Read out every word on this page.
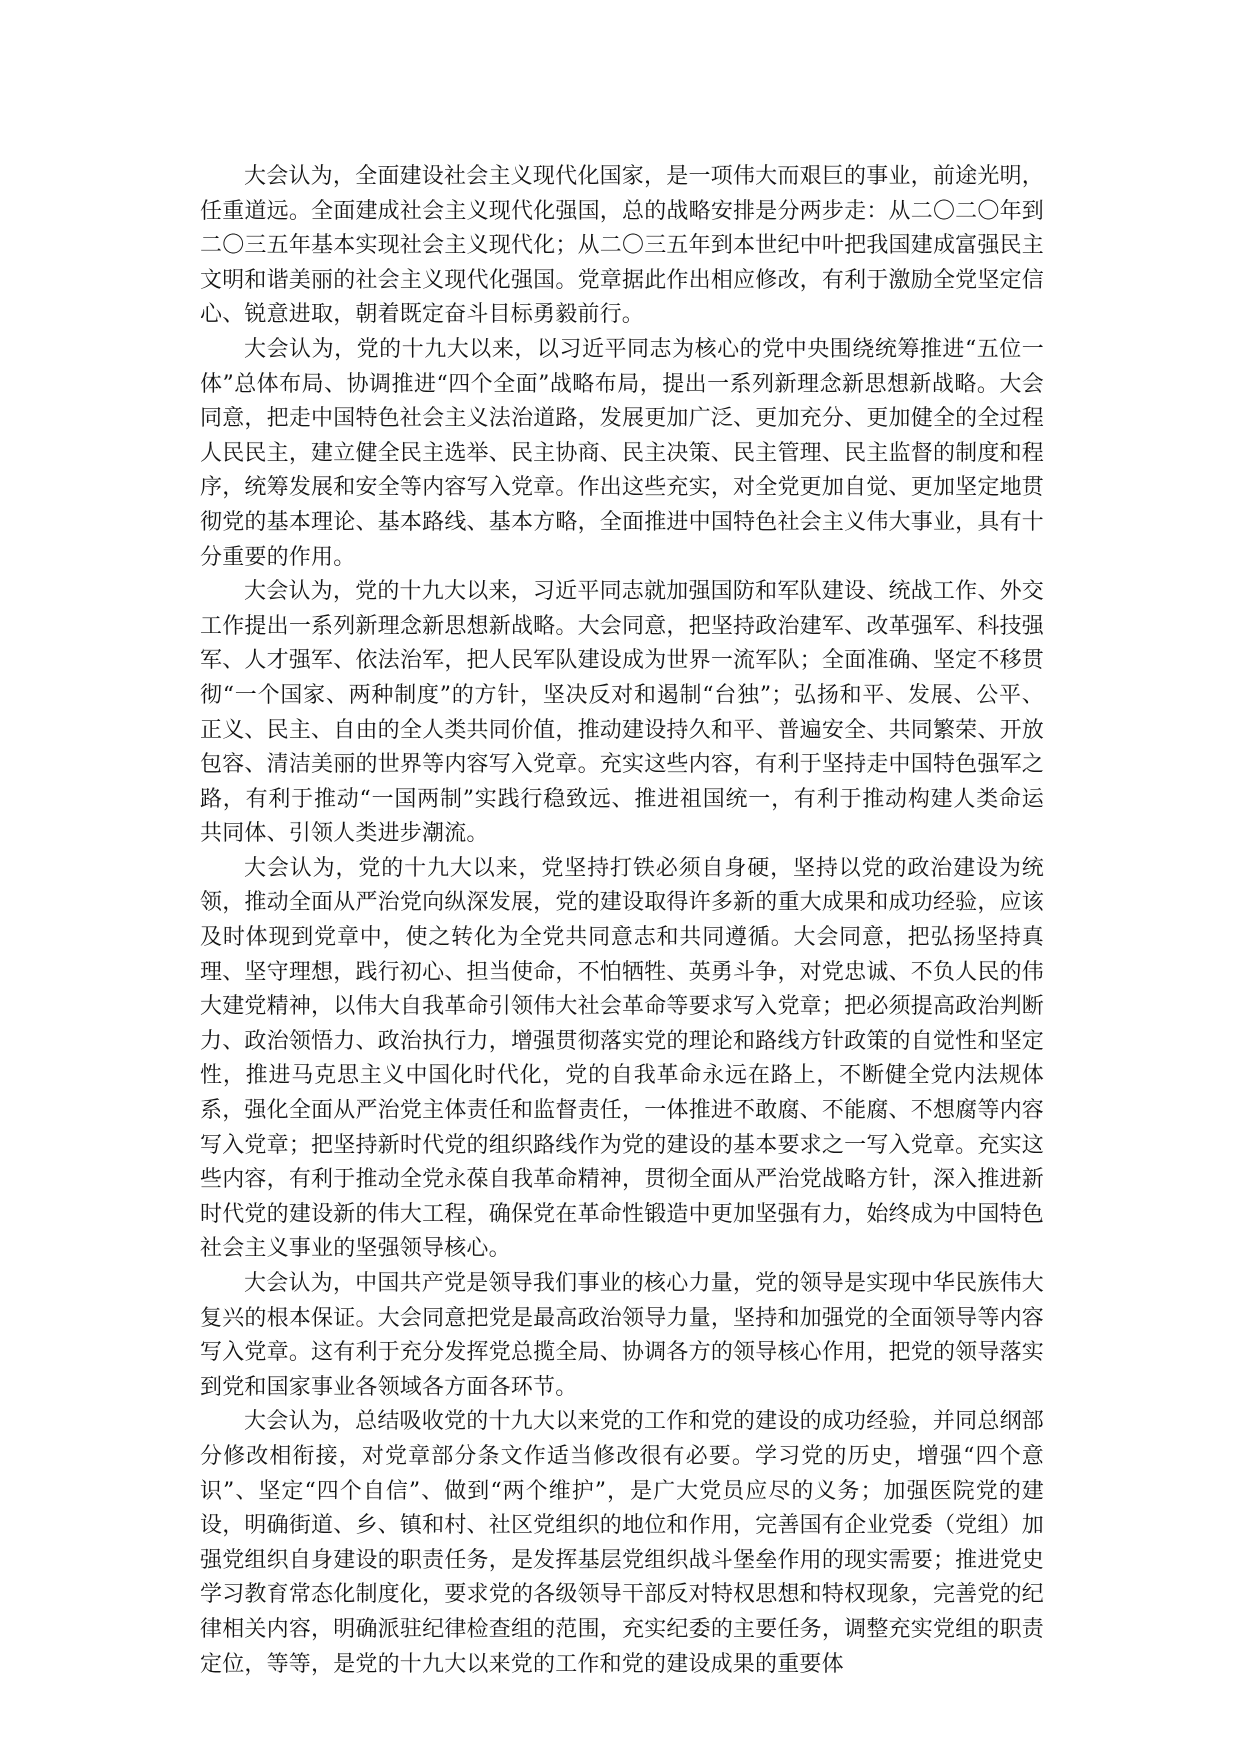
大会认为，全面建设社会主义现代化国家，是一项伟大而艰巨的事业，前途光明，任重道远。全面建成社会主义现代化强国，总的战略安排是分两步走：从二〇二〇年到二〇三五年基本实现社会主义现代化；从二〇三五年到本世纪中叶把我国建成富强民主文明和谐美丽的社会主义现代化强国。党章据此作出相应修改，有利于激励全党坚定信心、锐意进取，朝着既定奋斗目标勇毅前行。

大会认为，党的十九大以来，以习近平同志为核心的党中央围绕统筹推进“五位一体”总体布局、协调推进“四个全面”战略布局，提出一系列新理念新思想新战略。大会同意，把走中国特色社会主义法治道路，发展更加广泛、更加充分、更加健全的全过程人民民主，建立健全民主选举、民主协商、民主决策、民主管理、民主监督的制度和程序，统筹发展和安全等内容写入党章。作出这些充实，对全党更加自觉、更加坚定地贯彻党的基本理论、基本路线、基本方略，全面推进中国特色社会主义伟大事业，具有十分重要的作用。

大会认为，党的十九大以来，习近平同志就加强国防和军队建设、统战工作、外交工作提出一系列新理念新思想新战略。大会同意，把坚持政治建军、改革强军、科技强军、人才强军、依法治军，把人民军队建设成为世界一流军队；全面准确、坚定不移贯彻“一个国家、两种制度”的方针，坚决反对和遏制“台独”；弘扬和平、发展、公平、正义、民主、自由的全人类共同价值，推动建设持久和平、普遍安全、共同繁荣、开放包容、清洁美丽的世界等内容写入党章。充实这些内容，有利于坚持走中国特色强军之路，有利于推动“一国两制”实践行稳致远、推进祖国统一，有利于推动构建人类命运共同体、引领人类进步潮流。

大会认为，党的十九大以来，党坚持打铁必须自身硬，坚持以党的政治建设为统领，推动全面从严治党向纵深发展，党的建设取得许多新的重大成果和成功经验，应该及时体现到党章中，使之转化为全党共同意志和共同遵循。大会同意，把弘扬坚持真理、坚守理想，践行初心、担当使命，不怕牺牲、英勇斗争，对党忠诚、不负人民的伟大建党精神，以伟大自我革命引领伟大社会革命等要求写入党章；把必须提高政治判断力、政治领悟力、政治执行力，增强贯彻落实党的理论和路线方针政策的自觉性和坚定性，推进马克思主义中国化时代化，党的自我革命永远在路上，不断健全党内法规体系，强化全面从严治党主体责任和监督责任，一体推进不敢腐、不能腐、不想腐等内容写入党章；把坚持新时代党的组织路线作为党的建设的基本要求之一写入党章。充实这些内容，有利于推动全党永葆自我革命精神，贯彻全面从严治党战略方针，深入推进新时代党的建设新的伟大工程，确保党在革命性锻造中更加坚强有力，始终成为中国特色社会主义事业的坚强领导核心。

大会认为，中国共产党是领导我们事业的核心力量，党的领导是实现中华民族伟大复兴的根本保证。大会同意把党是最高政治领导力量，坚持和加强党的全面领导等内容写入党章。这有利于充分发挥党总揽全局、协调各方的领导核心作用，把党的领导落实到党和国家事业各领域各方面各环节。

大会认为，总结吸收党的十九大以来党的工作和党的建设的成功经验，并同总纲部分修改相衔接，对党章部分条文作适当修改很有必要。学习党的历史，增强“四个意识”、坚定“四个自信”、做到“两个维护”，是广大党员应尽的义务；加强医院党的建设，明确街道、乡、镇和村、社区党组织的地位和作用，完善国有企业党委（党组）加强党组织自身建设的职责任务，是发挥基层党组织战斗堡垒作用的现实需要；推进党史学习教育常态化制度化，要求党的各级领导干部反对特权思想和特权现象，完善党的纪律相关内容，明确派驻纪律检查组的范围，充实纪委的主要任务，调整充实党组的职责定位，等等，是党的十九大以来党的工作和党的建设成果的重要体
